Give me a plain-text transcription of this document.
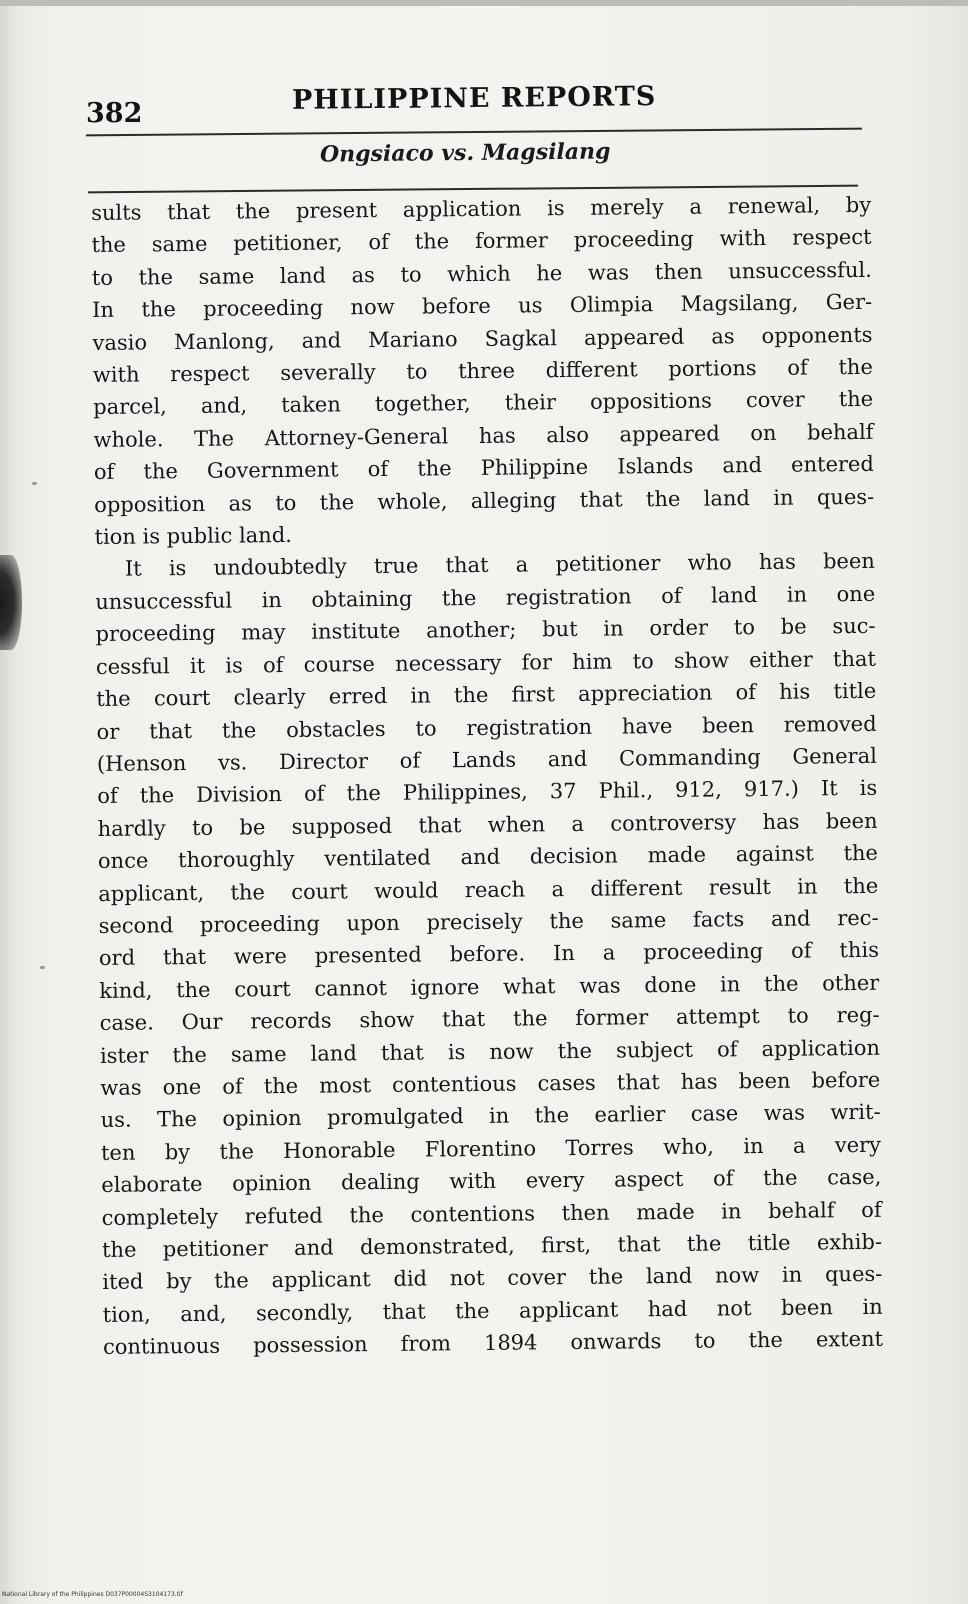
382	PHILIPPINE REPORTS
Ongsiaco vs. Magsilang

sults that the present application is merely a renewal, by

the same petitioner, of the former proceeding with respect

to the same land as to which he was then unsuccessful.

In the proceeding now before us Olimpia Magsilang, Ger-

vasio Manlong, and Mariano Sagkal appeared as opponents

with respect severally to three different portions of the

parcel, and, taken together, their oppositions cover the

whole. The Attorney-General has also appeared on behalf

of the Government of the Philippine Islands and entered

opposition as to the whole, alleging that the land in ques-

tion is public land.

It is undoubtedly true that a petitioner who has been

unsuccessful in obtaining the registration of land in one

proceeding may institute another; but in order to be suc-

cessful it is of course necessary for him to show either that

the court clearly erred in the first appreciation of his title

or that the obstacles to registration have been removed

(Henson vs. Director of Lands and Commanding General

of the Division of the Philippines, 37 Phil., 912, 917.) It is

hardly to be supposed that when a controversy has been

once thoroughly ventilated and decision made against the

applicant, the court would reach a different result in the

second proceeding upon precisely the same facts and rec-

ord that were presented before. In a proceeding of this

kind, the court cannot ignore what was done in the other

case. Our records show that the former attempt to reg-

ister the same land that is now the subject of application

was one of the most contentious cases that has been before

us. The opinion promulgated in the earlier case was writ-

ten by the Honorable Florentino Torres who, in a very

elaborate opinion dealing with every aspect of the case,

completely refuted the contentions then made in behalf of

the petitioner and demonstrated, first, that the title exhib-

ited by the applicant did not cover the land now in ques-

tion, and, secondly, that the applicant had not been in

continuous possession from 1894 onwards to the extent

National Library of the Philippines D037P00004S3104173.tif
